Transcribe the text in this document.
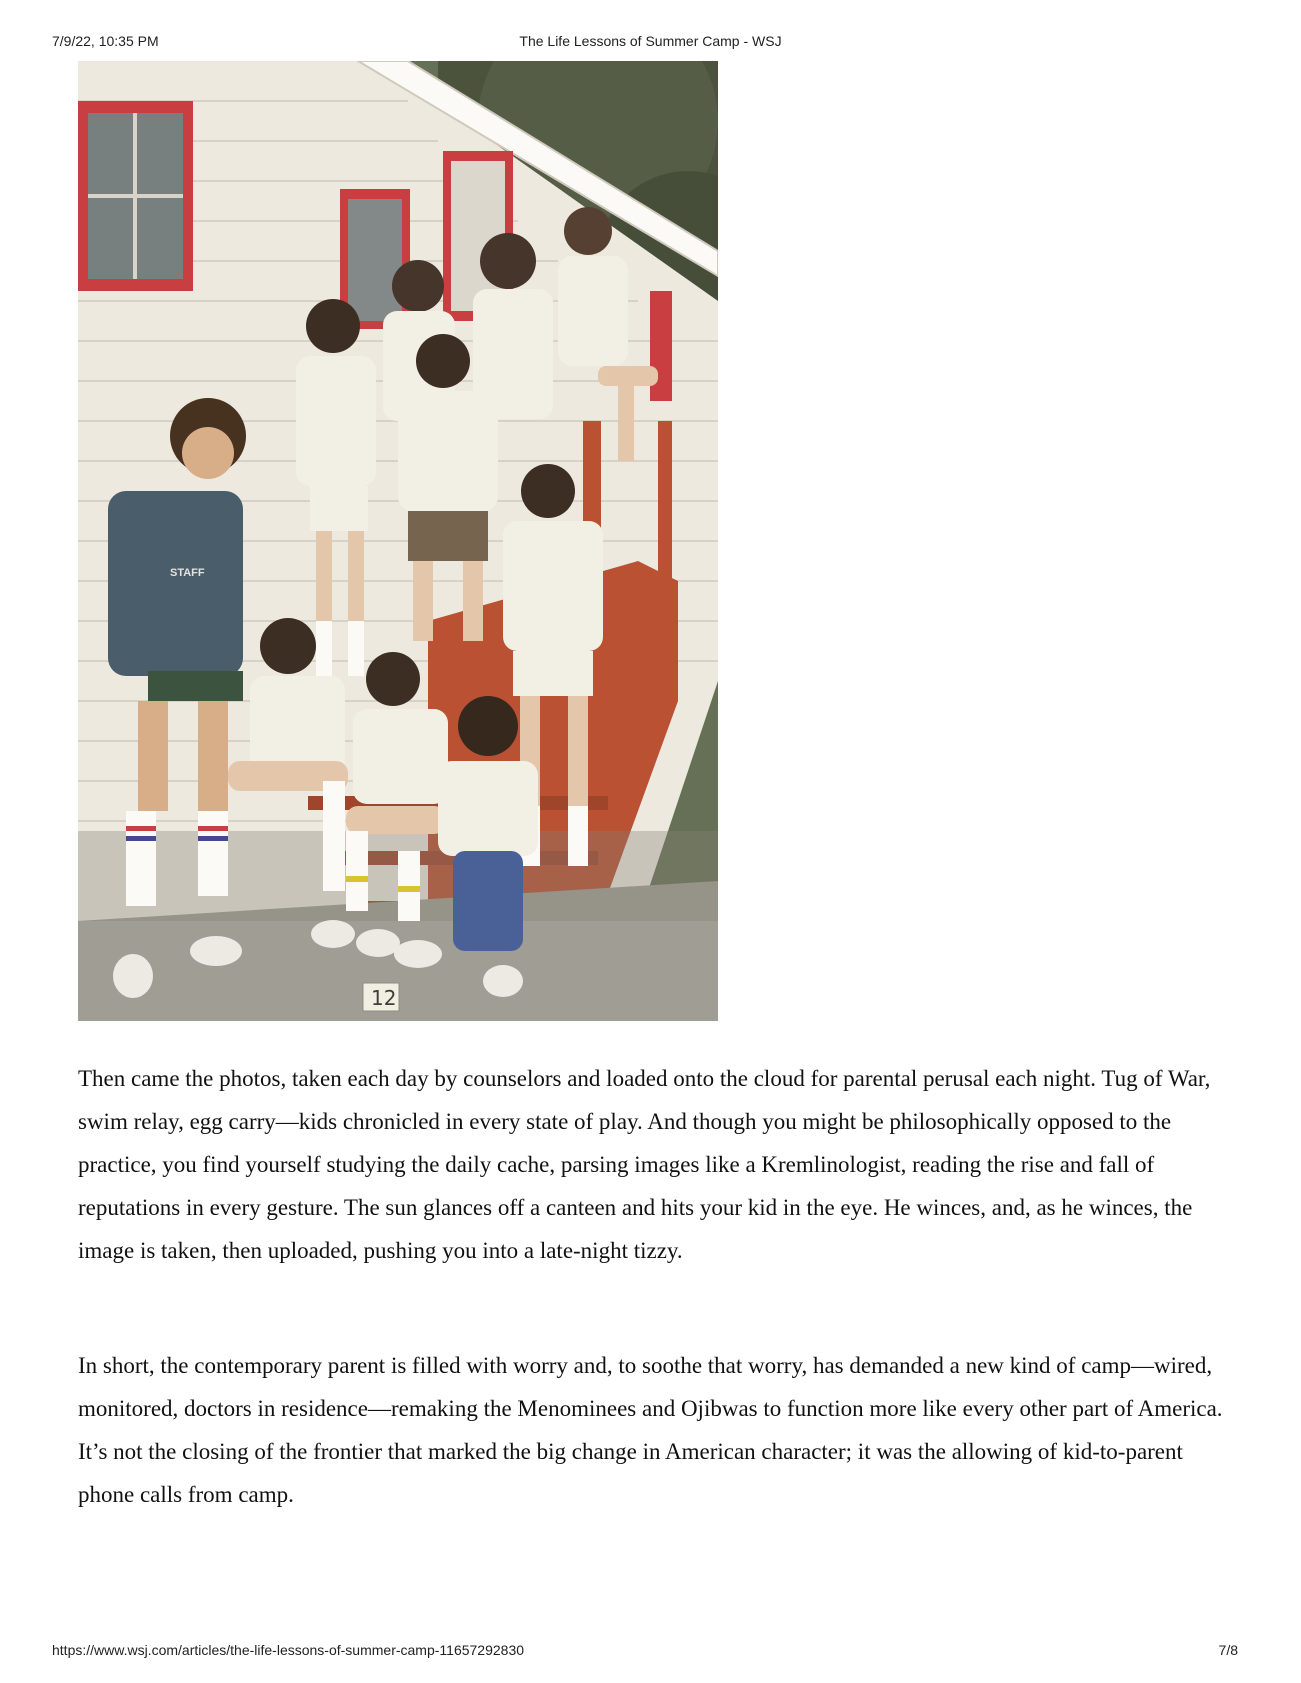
7/9/22, 10:35 PM	The Life Lessons of Summer Camp - WSJ
STAFF
12

Then came the photos, taken each day by counselors and loaded onto the cloud for parental perusal each night. Tug of War, swim relay, egg carry—kids chronicled in every state of play. And though you might be philosophically opposed to the practice, you find yourself studying the daily cache, parsing images like a Kremlinologist, reading the rise and fall of reputations in every gesture. The sun glances off a canteen and hits your kid in the eye. He winces, and, as he winces, the image is taken, then uploaded, pushing you into a late-night tizzy.

In short, the contemporary parent is filled with worry and, to soothe that worry, has demanded a new kind of camp—wired, monitored, doctors in residence—remaking the Menominees and Ojibwas to function more like every other part of America. It’s not the closing of the frontier that marked the big change in American character; it was the allowing of kid-to-parent phone calls from camp.

https://www.wsj.com/articles/the-life-lessons-of-summer-camp-11657292830	7/8
